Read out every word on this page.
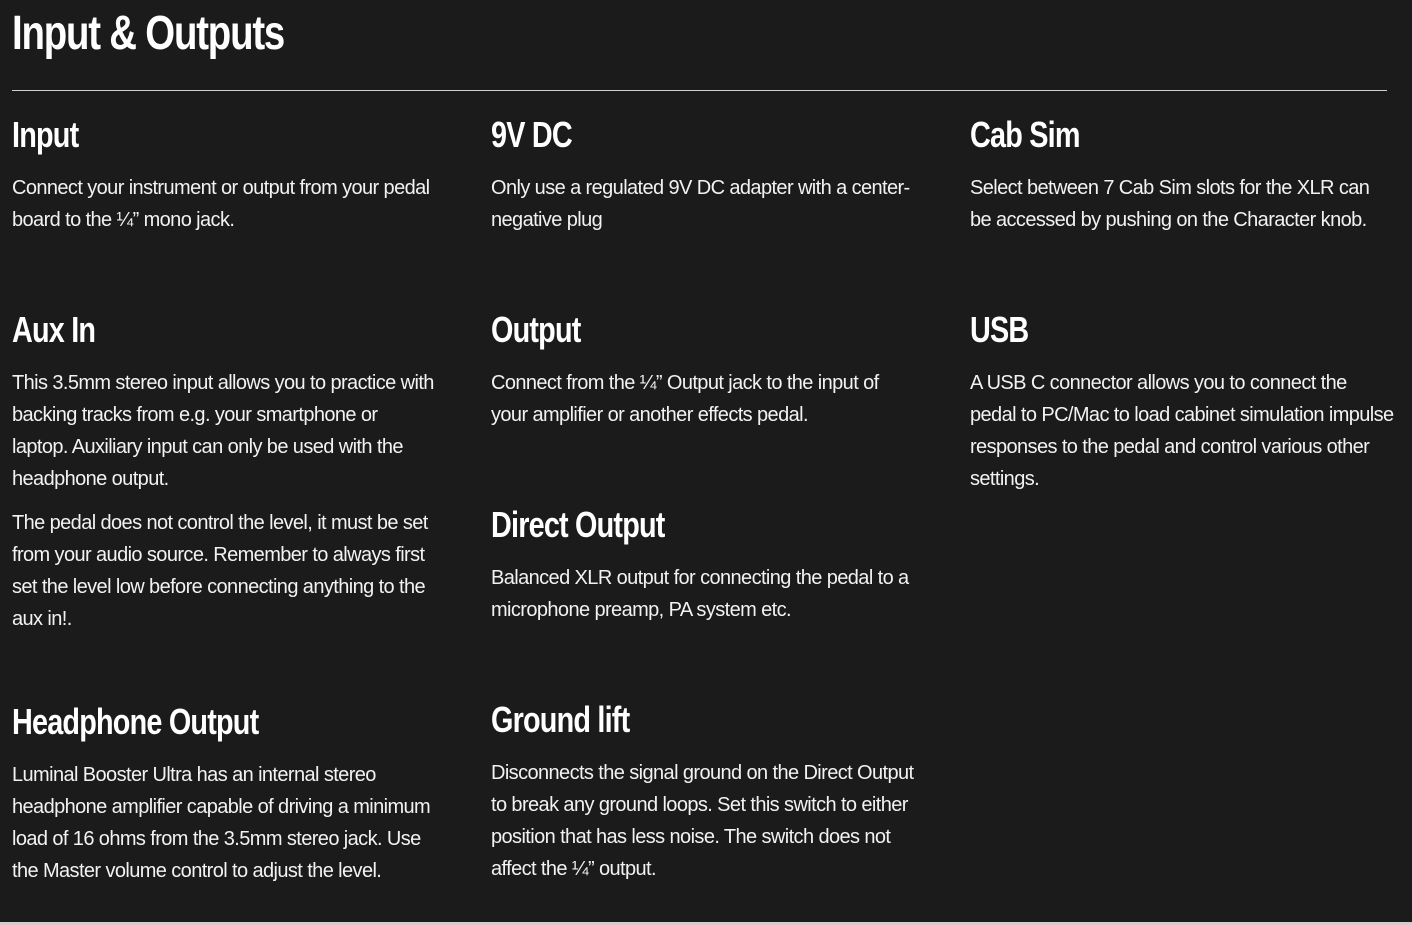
Input & Outputs
Input

Connect your instrument or output from your pedal board to the ¼” mono jack.

Aux In

This 3.5mm stereo input allows you to practice with backing tracks from e.g. your smartphone or laptop. Auxiliary input can only be used with the headphone output.

The pedal does not control the level, it must be set from your audio source. Remember to always first set the level low before connecting anything to the aux in!.

Headphone Output

Luminal Booster Ultra has an internal stereo headphone amplifier capable of driving a minimum load of 16 ohms from the 3.5mm stereo jack. Use the Master volume control to adjust the level.

9V DC

Only use a regulated 9V DC adapter with a center-negative plug

Output

Connect from the ¼” Output jack to the input of your amplifier or another effects pedal.

Direct Output

Balanced XLR output for connecting the pedal to a microphone preamp, PA system etc.

Ground lift

Disconnects the signal ground on the Direct Output to break any ground loops. Set this switch to either position that has less noise. The switch does not affect the ¼” output.

Cab Sim

Select between 7 Cab Sim slots for the XLR can be accessed by pushing on the Character knob.

USB

A USB C connector allows you to connect the pedal to PC/Mac to load cabinet simulation impulse responses to the pedal and control various other settings.
